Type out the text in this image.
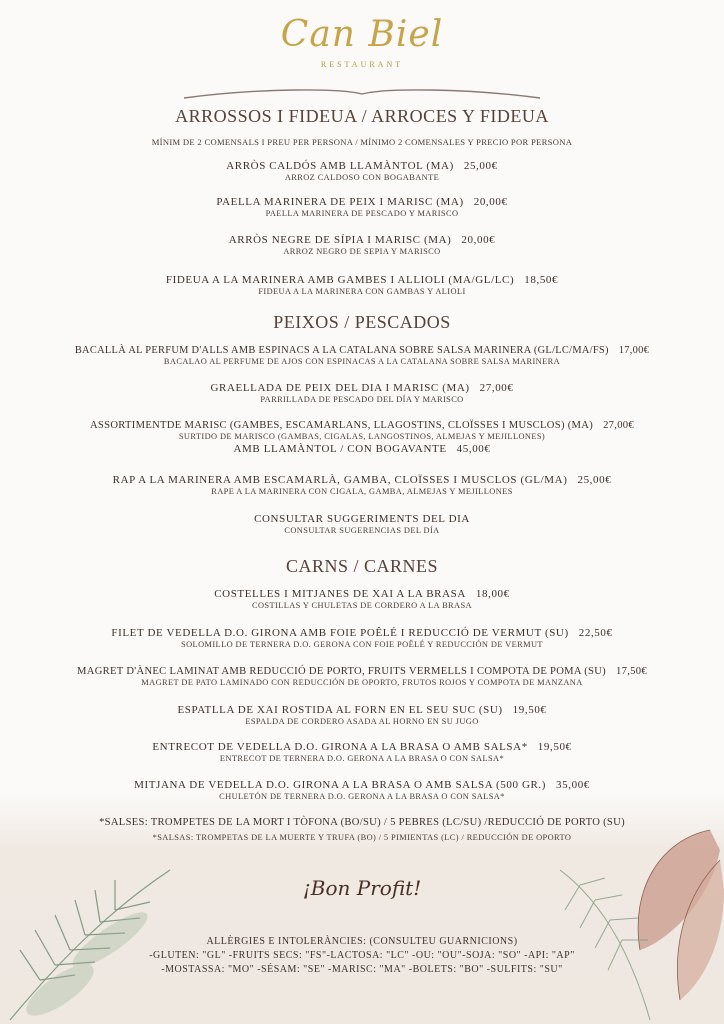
Can Biel
RESTAURANT
ARROSSOS I FIDEUA / ARROCES Y FIDEUA
MÍNIM DE 2 COMENSALS I PREU PER PERSONA / MÍNIMO 2 COMENSALES Y PRECIO POR PERSONA
ARRÒS CALDÓS AMB LLAMÀNTOL (MA) 25,00€
ARROZ CALDOSO CON BOGABANTE
PAELLA MARINERA DE PEIX I MARISC (MA) 20,00€
PAELLA MARINERA DE PESCADO Y MARISCO
ARRÒS NEGRE DE SÍPIA I MARISC (MA) 20,00€
ARROZ NEGRO DE SEPIA Y MARISCO
FIDEUA A LA MARINERA AMB GAMBES I ALLIOLI (MA/GL/LC) 18,50€
FIDEUA A LA MARINERA CON GAMBAS Y ALIOLI
PEIXOS / PESCADOS
BACALLÀ AL PERFUM D'ALLS AMB ESPINACS A LA CATALANA SOBRE SALSA MARINERA (GL/LC/MA/FS) 17,00€
BACALAO AL PERFUME DE AJOS CON ESPINACAS A LA CATALANA SOBRE SALSA MARINERA
GRAELLADA DE PEIX DEL DIA I MARISC (MA) 27,00€
PARRILLADA DE PESCADO DEL DÍA Y MARISCO
ASSORTIMENTDE MARISC (GAMBES, ESCAMARLANS, LLAGOSTINS, CLOÏSSES I MUSCLOS) (MA) 27,00€
SURTIDO DE MARISCO (GAMBAS, CIGALAS, LANGOSTINOS, ALMEJAS Y MEJILLONES)
AMB LLAMÀNTOL / CON BOGAVANTE 45,00€
RAP A LA MARINERA AMB ESCAMARLÀ, GAMBA, CLOÏSSES I MUSCLOS (GL/MA) 25,00€
RAPE A LA MARINERA CON CIGALA, GAMBA, ALMEJAS Y MEJILLONES
CONSULTAR SUGGERIMENTS DEL DIA
CONSULTAR SUGERENCIAS DEL DÍA
CARNS / CARNES
COSTELLES I MITJANES DE XAI A LA BRASA 18,00€
COSTILLAS Y CHULETAS DE CORDERO A LA BRASA
FILET DE VEDELLA D.O. GIRONA AMB FOIE POÊLÉ I REDUCCIÓ DE VERMUT (SU) 22,50€
SOLOMILLO DE TERNERA D.O. GERONA CON FOIE POÊLÉ Y REDUCCIÓN DE VERMUT
MAGRET D'ÀNEC LAMINAT AMB REDUCCIÓ DE PORTO, FRUITS VERMELLS I COMPOTA DE POMA (SU) 17,50€
MAGRET DE PATO LAMINADO CON REDUCCIÓN DE OPORTO, FRUTOS ROJOS Y COMPOTA DE MANZANA
ESPATLLA DE XAI ROSTIDA AL FORN EN EL SEU SUC (SU) 19,50€
ESPALDA DE CORDERO ASADA AL HORNO EN SU JUGO
ENTRECOT DE VEDELLA D.O. GIRONA A LA BRASA O AMB SALSA* 19,50€
ENTRECOT DE TERNERA D.O. GERONA A LA BRASA O CON SALSA*
MITJANA DE VEDELLA D.O. GIRONA A LA BRASA O AMB SALSA (500 GR.) 35,00€
CHULETÓN DE TERNERA D.O. GERONA A LA BRASA O CON SALSA*
*SALSES: TROMPETES DE LA MORT I TÒFONA (BO/SU) / 5 PEBRES (LC/SU) /REDUCCIÓ DE PORTO (SU)
*SALSAS: TROMPETAS DE LA MUERTE Y TRUFA (BO) / 5 PIMIENTAS (LC) / REDUCCIÓN DE OPORTO
¡Bon Profit!
ALLÈRGIES E INTOLERÀNCIES: (CONSULTEU GUARNICIONS)
-GLUTEN: "GL" -FRUITS SECS: "FS"-LACTOSA: "LC" -OU: "OU"-SOJA: "SO" -API: "AP"
-MOSTASSA: "MO" -SÉSAM: "SE" -MARISC: "MA" -BOLETS: "BO" -SULFITS: "SU"
